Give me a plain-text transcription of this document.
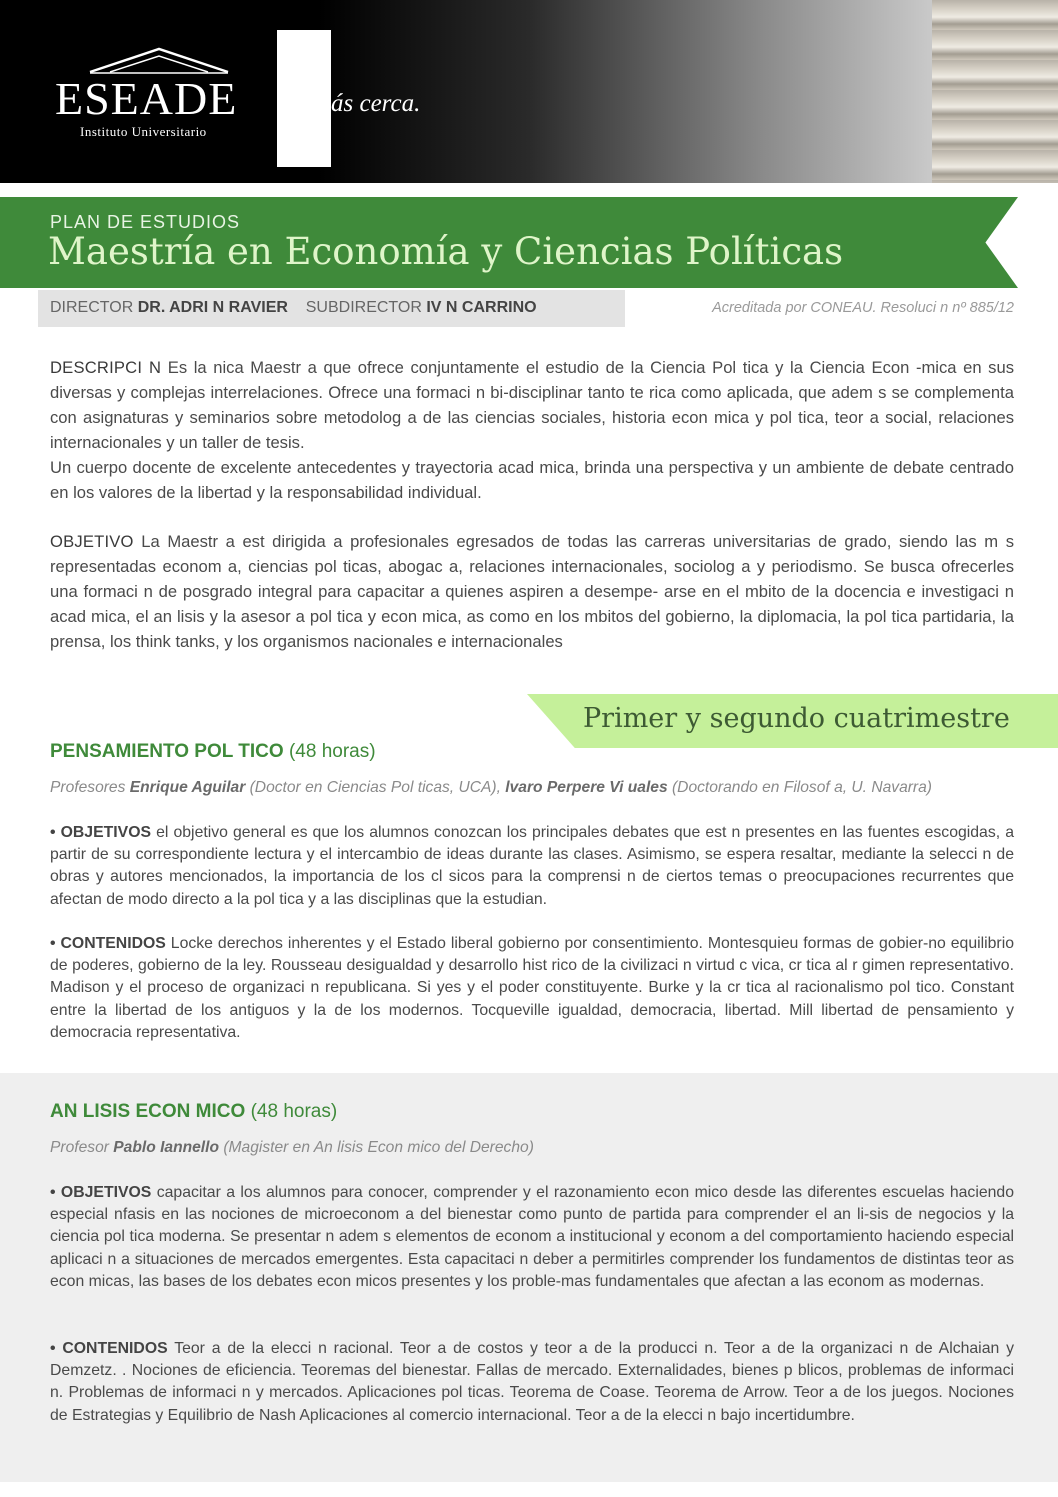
ESEADE
Instituto Universitario
ás cerca.
PLAN DE ESTUDIOS
Maestría en Economía y Ciencias Políticas
DIRECTOR DR. ADRI N RAVIER SUBDIRECTOR IV N CARRINO	Acreditada por CONEAU. Resoluci n nº 885/12
DESCRIPCI N Es la nica Maestr a que ofrece conjuntamente el estudio de la Ciencia Pol tica y la Ciencia Econ -mica en sus diversas y complejas interrelaciones. Ofrece una formaci n bi-disciplinar tanto te rica como aplicada, que adem s se complementa con asignaturas y seminarios sobre metodolog a de las ciencias sociales, historia econ mica y pol tica, teor a social, relaciones internacionales y un taller de tesis.
Un cuerpo docente de excelente antecedentes y trayectoria acad mica, brinda una perspectiva y un ambiente de debate centrado en los valores de la libertad y la responsabilidad individual.
OBJETIVO La Maestr a est dirigida a profesionales egresados de todas las carreras universitarias de grado, siendo las m s representadas econom a, ciencias pol ticas, abogac a, relaciones internacionales, sociolog a y periodismo. Se busca ofrecerles una formaci n de posgrado integral para capacitar a quienes aspiren a desempe- arse en el mbito de la docencia e investigaci n acad mica, el an lisis y la asesor a pol tica y econ mica, as como en los mbitos del gobierno, la diplomacia, la pol tica partidaria, la prensa, los think tanks, y los organismos nacionales e internacionales
Primer y segundo cuatrimestre
PENSAMIENTO POL TICO (48 horas)
Profesores Enrique Aguilar (Doctor en Ciencias Pol ticas, UCA), lvaro Perpere Vi uales (Doctorando en Filosof a, U. Navarra)
• OBJETIVOS el objetivo general es que los alumnos conozcan los principales debates que est n presentes en las fuentes escogidas, a partir de su correspondiente lectura y el intercambio de ideas durante las clases. Asimismo, se espera resaltar, mediante la selecci n de obras y autores mencionados, la importancia de los cl sicos para la comprensi n de ciertos temas o preocupaciones recurrentes que afectan de modo directo a la pol tica y a las disciplinas que la estudian.
• CONTENIDOS Locke derechos inherentes y el Estado liberal gobierno por consentimiento. Montesquieu formas de gobier-no equilibrio de poderes, gobierno de la ley. Rousseau desigualdad y desarrollo hist rico de la civilizaci n virtud c vica, cr tica al r gimen representativo. Madison y el proceso de organizaci n republicana. Si yes y el poder constituyente. Burke y la cr tica al racionalismo pol tico. Constant entre la libertad de los antiguos y la de los modernos. Tocqueville igualdad, democracia, libertad. Mill libertad de pensamiento y democracia representativa.
AN LISIS ECON MICO (48 horas)
Profesor Pablo Iannello (Magister en An lisis Econ mico del Derecho)
• OBJETIVOS capacitar a los alumnos para conocer, comprender y el razonamiento econ mico desde las diferentes escuelas haciendo especial nfasis en las nociones de microeconom a del bienestar como punto de partida para comprender el an li-sis de negocios y la ciencia pol tica moderna. Se presentar n adem s elementos de econom a institucional y econom a del comportamiento haciendo especial aplicaci n a situaciones de mercados emergentes. Esta capacitaci n deber a permitirles comprender los fundamentos de distintas teor as econ micas, las bases de los debates econ micos presentes y los proble-mas fundamentales que afectan a las econom as modernas.
• CONTENIDOS Teor a de la elecci n racional. Teor a de costos y teor a de la producci n. Teor a de la organizaci n de Alchaian y Demzetz. . Nociones de eficiencia. Teoremas del bienestar. Fallas de mercado. Externalidades, bienes p blicos, problemas de informaci n. Problemas de informaci n y mercados. Aplicaciones pol ticas. Teorema de Coase. Teorema de Arrow. Teor a de los juegos. Nociones de Estrategias y Equilibrio de Nash Aplicaciones al comercio internacional. Teor a de la elecci n bajo incertidumbre.
